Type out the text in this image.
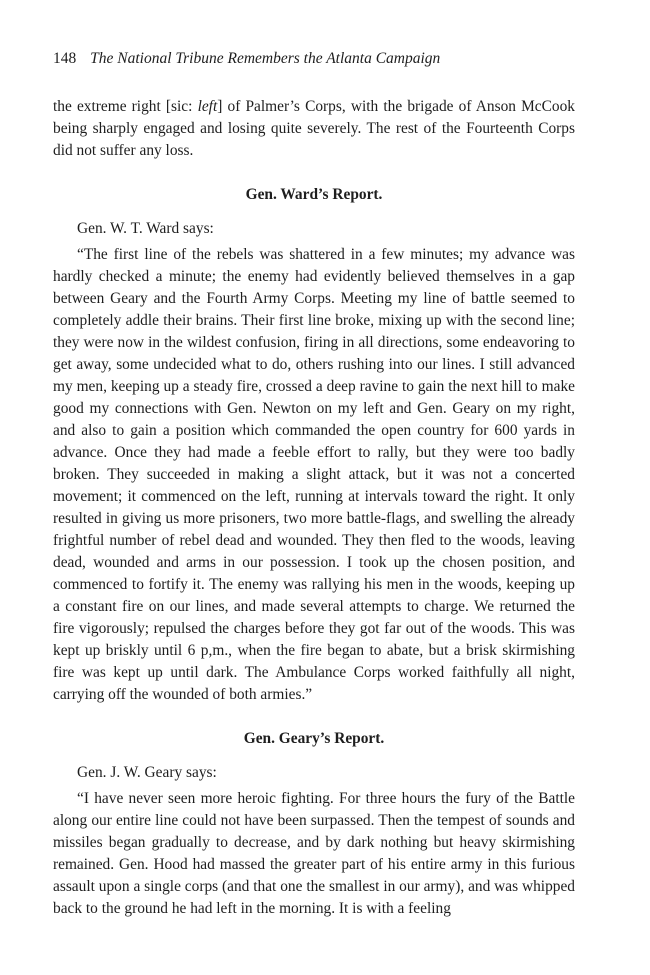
148 The National Tribune Remembers the Atlanta Campaign

the extreme right [sic: left] of Palmer’s Corps, with the brigade of Anson McCook being sharply engaged and losing quite severely. The rest of the Fourteenth Corps did not suffer any loss.

Gen. Ward’s Report.

Gen. W. T. Ward says:

“The first line of the rebels was shattered in a few minutes; my advance was hardly checked a minute; the enemy had evidently believed themselves in a gap between Geary and the Fourth Army Corps. Meeting my line of battle seemed to completely addle their brains. Their first line broke, mixing up with the second line; they were now in the wildest confusion, firing in all directions, some endeavoring to get away, some undecided what to do, others rushing into our lines. I still advanced my men, keeping up a steady fire, crossed a deep ravine to gain the next hill to make good my connections with Gen. Newton on my left and Gen. Geary on my right, and also to gain a position which commanded the open country for 600 yards in advance. Once they had made a feeble effort to rally, but they were too badly broken. They succeeded in making a slight attack, but it was not a concerted movement; it commenced on the left, running at intervals toward the right. It only resulted in giving us more prisoners, two more battle-flags, and swelling the already frightful number of rebel dead and wounded. They then fled to the woods, leaving dead, wounded and arms in our possession. I took up the chosen position, and commenced to fortify it. The enemy was rallying his men in the woods, keeping up a constant fire on our lines, and made several attempts to charge. We returned the fire vigorously; repulsed the charges before they got far out of the woods. This was kept up briskly until 6 p,m., when the fire began to abate, but a brisk skirmishing fire was kept up until dark. The Ambulance Corps worked faithfully all night, carrying off the wounded of both armies.”

Gen. Geary’s Report.

Gen. J. W. Geary says:

“I have never seen more heroic fighting. For three hours the fury of the Battle along our entire line could not have been surpassed. Then the tempest of sounds and missiles began gradually to decrease, and by dark nothing but heavy skirmishing remained. Gen. Hood had massed the greater part of his entire army in this furious assault upon a single corps (and that one the smallest in our army), and was whipped back to the ground he had left in the morning. It is with a feeling
